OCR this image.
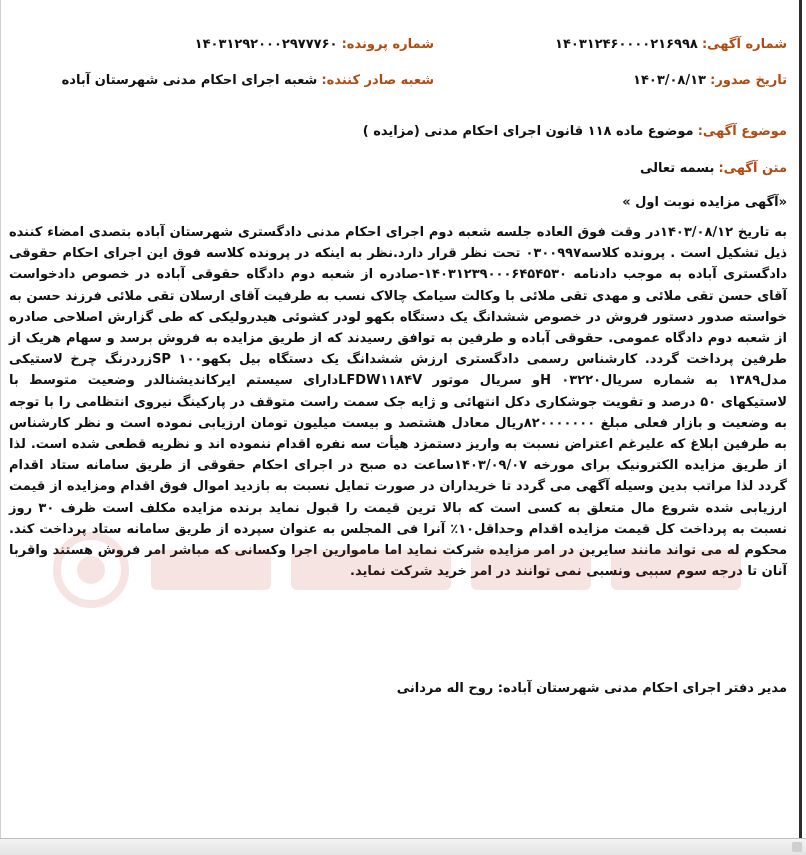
شماره آگهی: ۱۴۰۳۱۲۴۶۰۰۰۰۲۱۶۹۹۸
شماره پرونده: ۱۴۰۳۱۲۹۲۰۰۰۲۹۷۷۷۶۰
تاریخ صدور: ۱۴۰۳/۰۸/۱۳
شعبه صادر کننده: شعبه اجرای احکام مدنی شهرستان آباده
موضوع آگهی: موضوع ماده ۱۱۸ قانون اجرای احکام مدنی (مزایده )
متن آگهی: بسمه تعالی
«آگهی مزایده نوبت اول »
به تاریخ ۱۴۰۳/۰۸/۱۲در وقت فوق العاده جلسه شعبه دوم اجرای احکام مدنی دادگستری شهرستان آباده بتصدی امضاء کننده ذیل تشکیل است . پرونده کلاسه۰۳۰۰۹۹۷ تحت نظر قرار دارد.نظر به اینکه در پرونده کلاسه فوق این اجرای احکام حقوقی دادگستری آباده به موجب دادنامه ۱۴۰۳۱۲۳۹۰۰۰۶۴۵۴۵۳۰-صادره از شعبه دوم دادگاه حقوقی آباده در خصوص دادخواست آقای حسن تقی ملائی و مهدی تقی ملائی با وکالت سیامک چالاک نسب به طرفیت آقای ارسلان تقی ملائی فرزند حسن به خواسته صدور دستور فروش در خصوص ششدانگ یک دستگاه بکهو لودر کشوئی هیدرولیکی که طی گزارش اصلاحی صادره از شعبه دوم دادگاه عمومی. حقوقی آباده و طرفین به توافق رسیدند که از طریق مزایده به فروش برسد و سهام هریک از طرفین پرداخت گردد. کارشناس رسمی دادگستری ارزش ششدانگ یک دستگاه بیل بکهو۱۰۰ SPزردرنگ چرخ لاستیکی مدل۱۳۸۹ به شماره سریال۰۳۲۲۰ Hو سریال موتور LFDW۱۱۸۴Vدارای سیستم ایرکاندیشنالدر وضعیت متوسط با لاستیکهای ۵۰ درصد و تقویت جوشکاری دکل انتهائی و ژایه جک سمت راست متوقف در پارکینگ نیروی انتظامی را با توجه به وضعیت و بازار فعلی مبلغ ۸۲۰۰۰۰۰۰۰ریال معادل هشتصد و بیست میلیون تومان ارزیابی نموده است و نظر کارشناس به طرفین ابلاغ که علیرغم اعتراض نسبت به واریز دستمزد هیأت سه نفره اقدام ننموده اند و نظریه قطعی شده است. لذا از طریق مزایده الکترونیک برای مورخه ۱۴۰۳/۰۹/۰۷ساعت ده صبح در اجرای احکام حقوقی از طریق سامانه ستاد اقدام گردد لذا مراتب بدین وسیله آگهی می گردد تا خریداران در صورت تمایل نسبت به بازدید اموال فوق اقدام ومزایده از قیمت ارزیابی شده شروع مال متعلق به کسی است که بالا ترین قیمت را قبول نماید برنده مزایده مکلف است ظرف ۳۰ روز نسبت به پرداخت کل قیمت مزایده اقدام وحداقل۱۰٪ آنرا فی المجلس به عنوان سپرده از طریق سامانه ستاد پرداخت کند. محکوم له می تواند مانند سایرین در امر مزایده شرکت نماید اما ماموارین اجرا وکسانی که مباشر امر فروش هستند واقربا آنان تا درجه سوم سببی ونسبی نمی توانند در امر خرید شرکت نماید.
مدیر دفتر اجرای احکام مدنی شهرستان آباده: روح اله مردانی
